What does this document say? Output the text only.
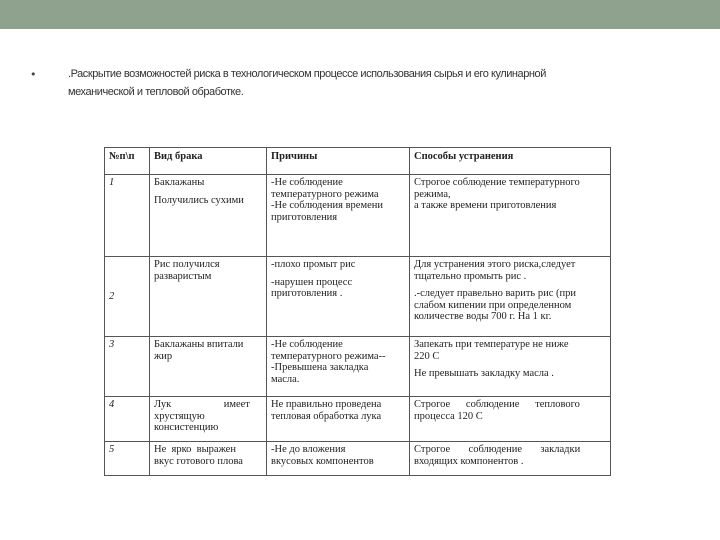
•	.Раскрытие возможностей риска в технологическом процессе использования сырья и его кулинарной
механической и тепловой обработке.
№п\п	Вид брака	Причины	Способы устранения
1	Баклажаны
Получились сухими	-Не соблюдение
температурного режима
-Не соблюдения времени
приготовления	Строгое соблюдение температурного
режима,
а также времени приготовления

2	Рис получился
разваристым	-плохо промыт рис
-нарушен процесс
приготовления .	Для устранения этого риска,следует
тщательно промыть рис .
.-следует правельно варить рис (при
слабом кипении при определенном
количестве воды 700 г. На 1 кг.

3	Баклажаны впитали
жир	-Не соблюдение
температурного режима--
-Превышена закладка
масла.	Запекать при температуре не ниже
220 С
Не превышать закладку масла .

4	Лук                    имеет
хрустящую
консистенцию	Не правильно проведена
тепловая обработка лука	Строгое      соблюдение      теплового
процесса 120 С

5	Не  ярко  выражен
вкус готового плова	-Не до вложения
вкусовых компонентов	Строгое       соблюдение       закладки
входящих компонентов .
